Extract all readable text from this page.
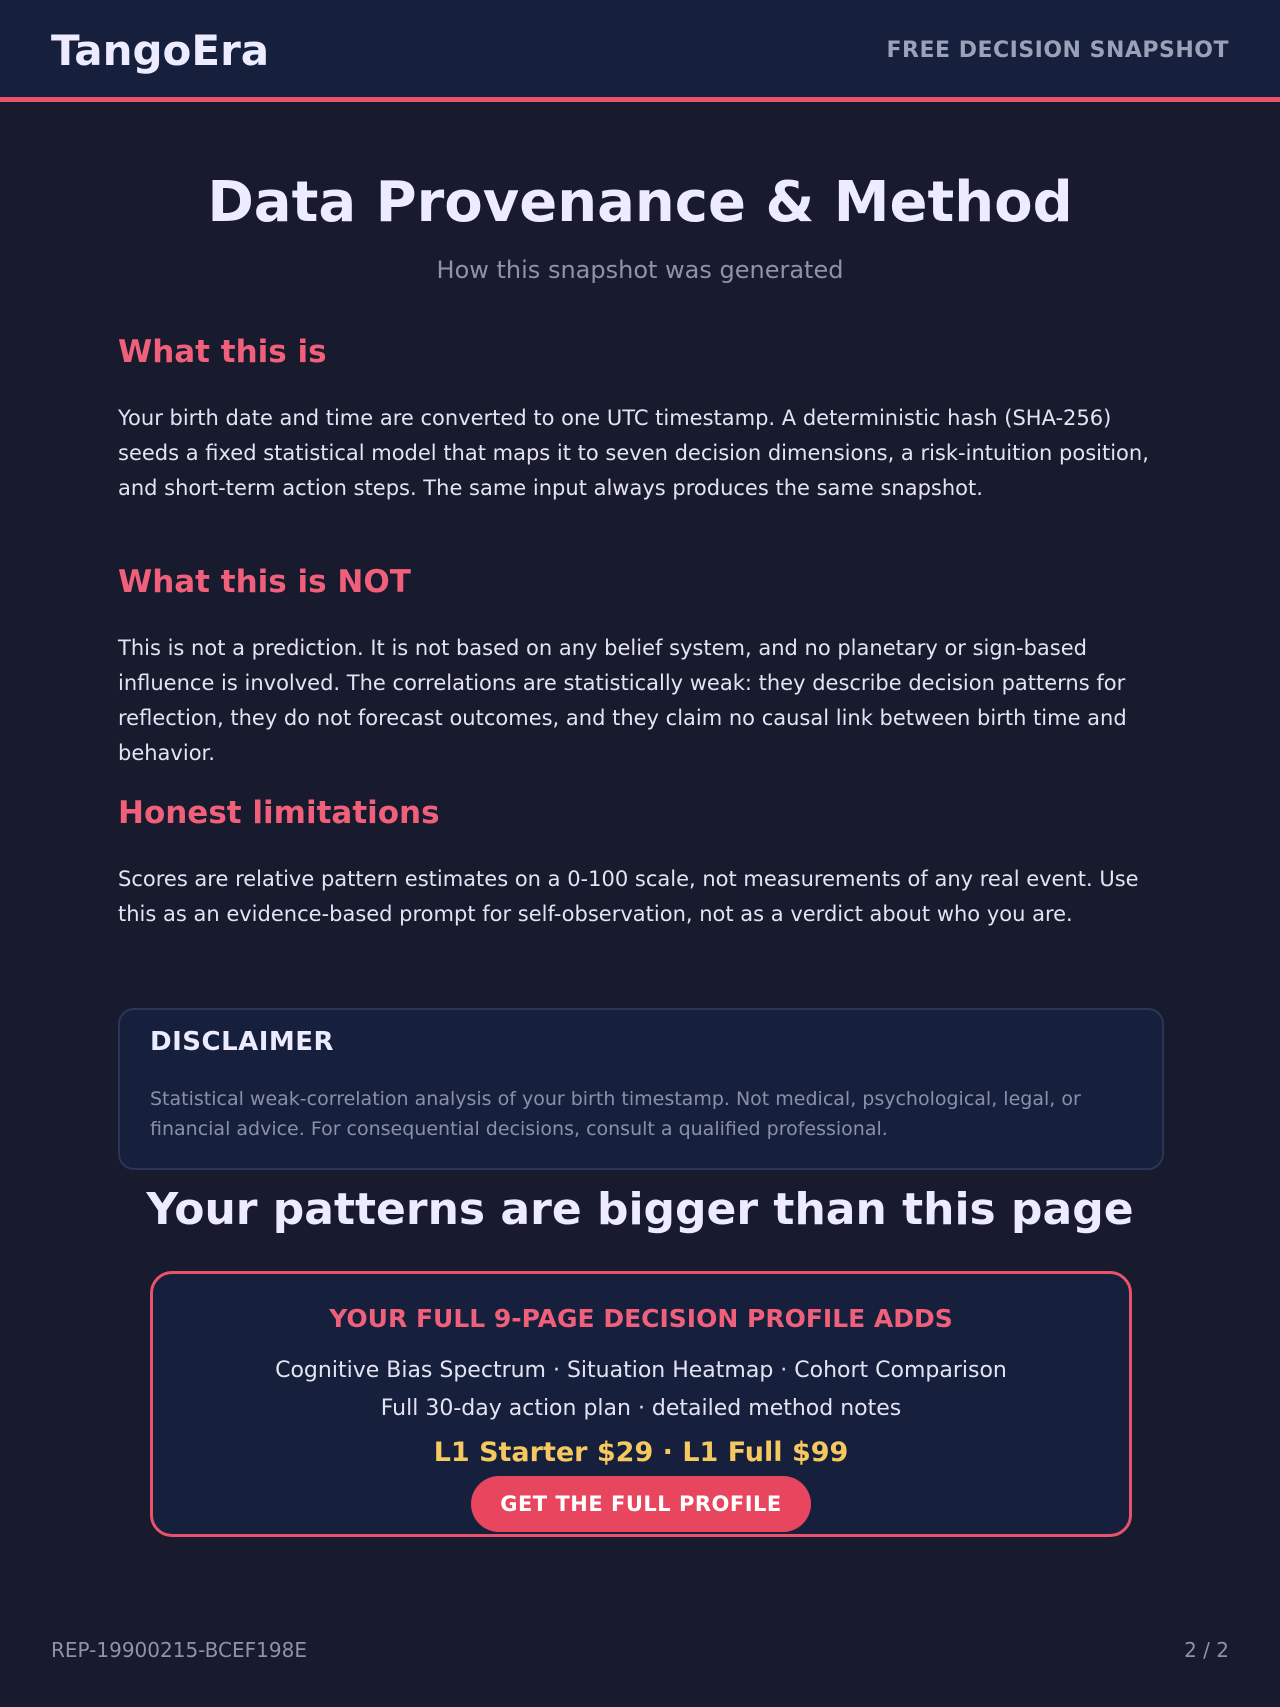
TangoEra	FREE DECISION SNAPSHOT
Data Provenance & Method
How this snapshot was generated
What this is
Your birth date and time are converted to one UTC timestamp. A deterministic hash (SHA-256) seeds a fixed statistical model that maps it to seven decision dimensions, a risk-intuition position, and short-term action steps. The same input always produces the same snapshot.
What this is NOT
This is not a prediction. It is not based on any belief system, and no planetary or sign-based influence is involved. The correlations are statistically weak: they describe decision patterns for reflection, they do not forecast outcomes, and they claim no causal link between birth time and behavior.
Honest limitations
Scores are relative pattern estimates on a 0-100 scale, not measurements of any real event. Use this as an evidence-based prompt for self-observation, not as a verdict about who you are.
DISCLAIMER
Statistical weak-correlation analysis of your birth timestamp. Not medical, psychological, legal, or financial advice. For consequential decisions, consult a qualified professional.
Your patterns are bigger than this page
YOUR FULL 9-PAGE DECISION PROFILE ADDS
Cognitive Bias Spectrum · Situation Heatmap · Cohort Comparison
Full 30-day action plan · detailed method notes
L1 Starter $29 · L1 Full $99
GET THE FULL PROFILE
REP-19900215-BCEF198E	2 / 2
